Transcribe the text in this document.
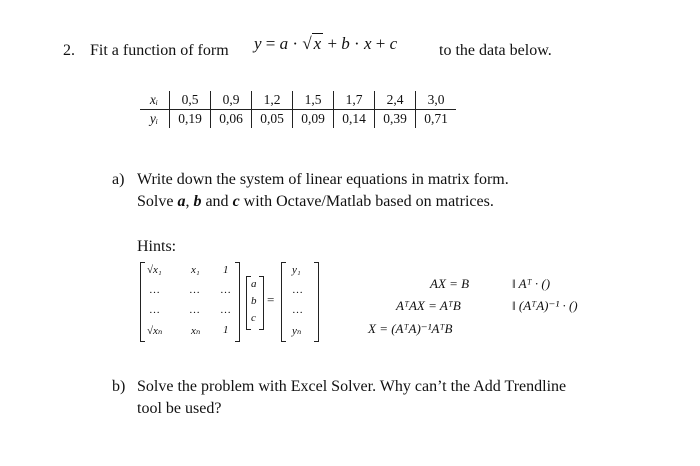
2. Fit a function of form y = a · √ x + b · x + c	to the data below.
xᵢ	0,5	0,9	1,2	1,5	1,7	2,4	3,0
yᵢ	0,19	0,06	0,05	0,09	0,14	0,39	0,71
a) Write down the system of linear equations in matrix form.
Solve a, b and c with Octave/Matlab based on matrices.
Hints:
√x₁	x₁ 1
…	… …
…	… …
√xₙ	xₙ 1
a
b
c
=
y₁
…
…
yₙ
AX = B
AᵀAX = AᵀB
X = (AᵀA)⁻¹AᵀB
‖ Aᵀ · ()
‖ (AᵀA)⁻¹ · ()
b) Solve the problem with Excel Solver. Why can’t the Add Trendline
tool be used?
